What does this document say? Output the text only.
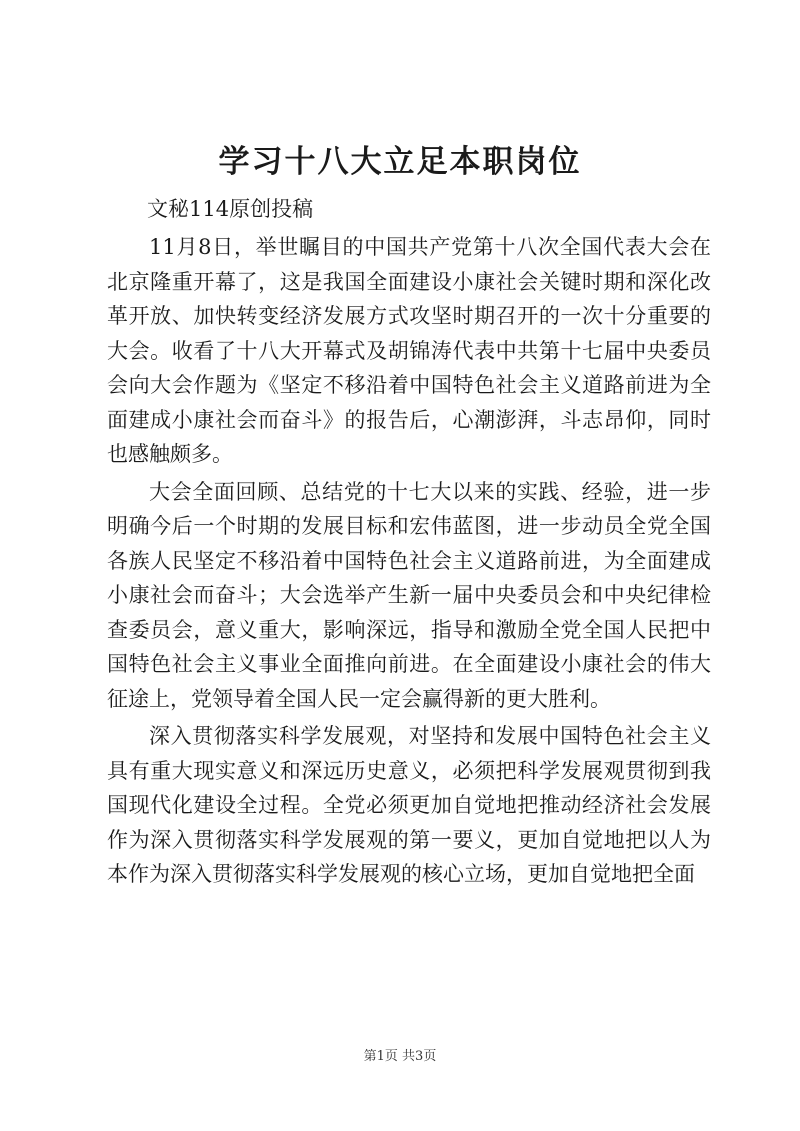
学习十八大立足本职岗位
文秘114原创投稿

11月8日，举世瞩目的中国共产党第十八次全国代表大会在北京隆重开幕了，这是我国全面建设小康社会关键时期和深化改革开放、加快转变经济发展方式攻坚时期召开的一次十分重要的大会。收看了十八大开幕式及胡锦涛代表中共第十七届中央委员会向大会作题为《坚定不移沿着中国特色社会主义道路前进为全面建成小康社会而奋斗》的报告后，心潮澎湃，斗志昂仰，同时也感触颇多。

大会全面回顾、总结党的十七大以来的实践、经验，进一步明确今后一个时期的发展目标和宏伟蓝图，进一步动员全党全国各族人民坚定不移沿着中国特色社会主义道路前进，为全面建成小康社会而奋斗；大会选举产生新一届中央委员会和中央纪律检查委员会，意义重大，影响深远，指导和激励全党全国人民把中国特色社会主义事业全面推向前进。在全面建设小康社会的伟大征途上，党领导着全国人民一定会赢得新的更大胜利。

深入贯彻落实科学发展观，对坚持和发展中国特色社会主义具有重大现实意义和深远历史意义，必须把科学发展观贯彻到我国现代化建设全过程。全党必须更加自觉地把推动经济社会发展作为深入贯彻落实科学发展观的第一要义，更加自觉地把以人为本作为深入贯彻落实科学发展观的核心立场，更加自觉地把全面

第1页 共3页
